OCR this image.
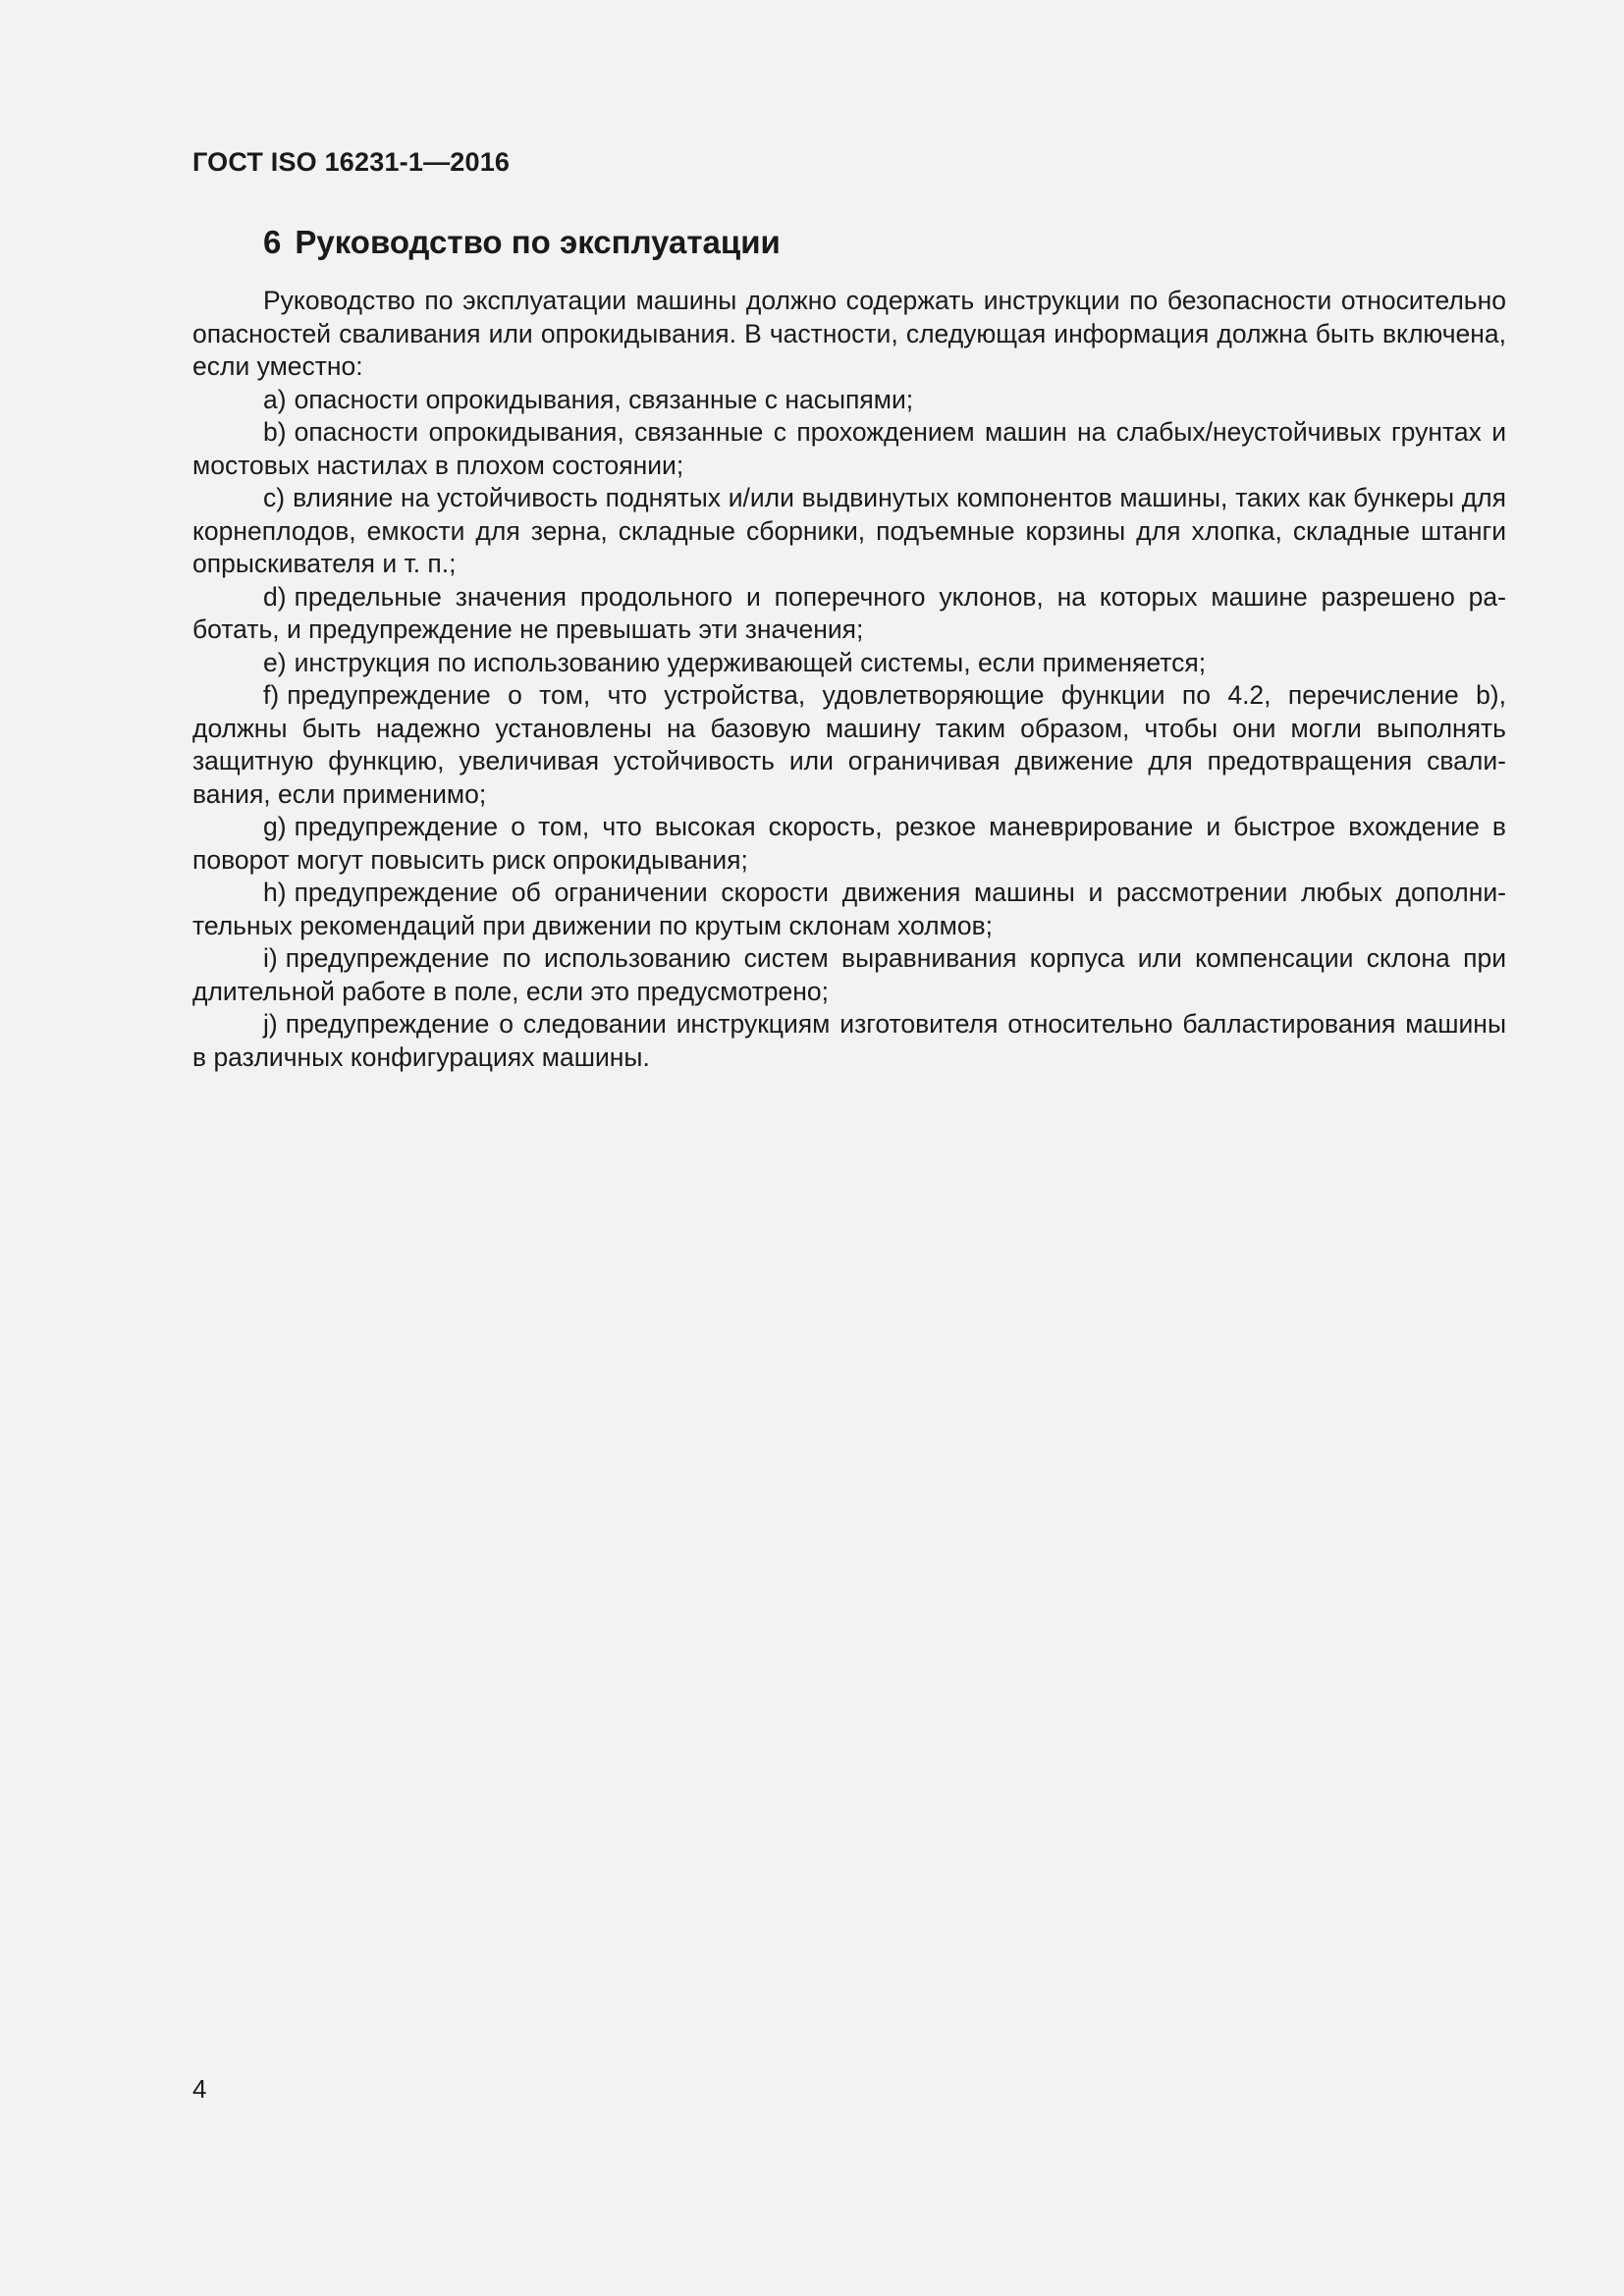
ГОСТ ISO 16231-1—2016
6 Руководство по эксплуатации

Руководство по эксплуатации машины должно содержать инструкции по безопасности относительно опасностей сваливания или опрокидывания. В частности, следующая информация должна быть включена, если уместно:

a) опасности опрокидывания, связанные с насыпями;

b) опасности опрокидывания, связанные с прохождением машин на слабых/неустойчивых грунтах и мостовых настилах в плохом состоянии;

c) влияние на устойчивость поднятых и/или выдвинутых компонентов машины, таких как бункеры для корнеплодов, емкости для зерна, складные сборники, подъемные корзины для хлопка, складные штанги опрыскивателя и т. п.;

d) предельные значения продольного и поперечного уклонов, на которых машине разрешено работать, и предупреждение не превышать эти значения;

e) инструкция по использованию удерживающей системы, если применяется;

f) предупреждение о том, что устройства, удовлетворяющие функции по 4.2, перечисление b), должны быть надежно установлены на базовую машину таким образом, чтобы они могли выполнять защитную функцию, увеличивая устойчивость или ограничивая движение для предотвращения сваливания, если применимо;

g) предупреждение о том, что высокая скорость, резкое маневрирование и быстрое вхождение в поворот могут повысить риск опрокидывания;

h) предупреждение об ограничении скорости движения машины и рассмотрении любых дополнительных рекомендаций при движении по крутым склонам холмов;

i) предупреждение по использованию систем выравнивания корпуса или компенсации склона при длительной работе в поле, если это предусмотрено;

j) предупреждение о следовании инструкциям изготовителя относительно балластирования машины в различных конфигурациях машины.

4
